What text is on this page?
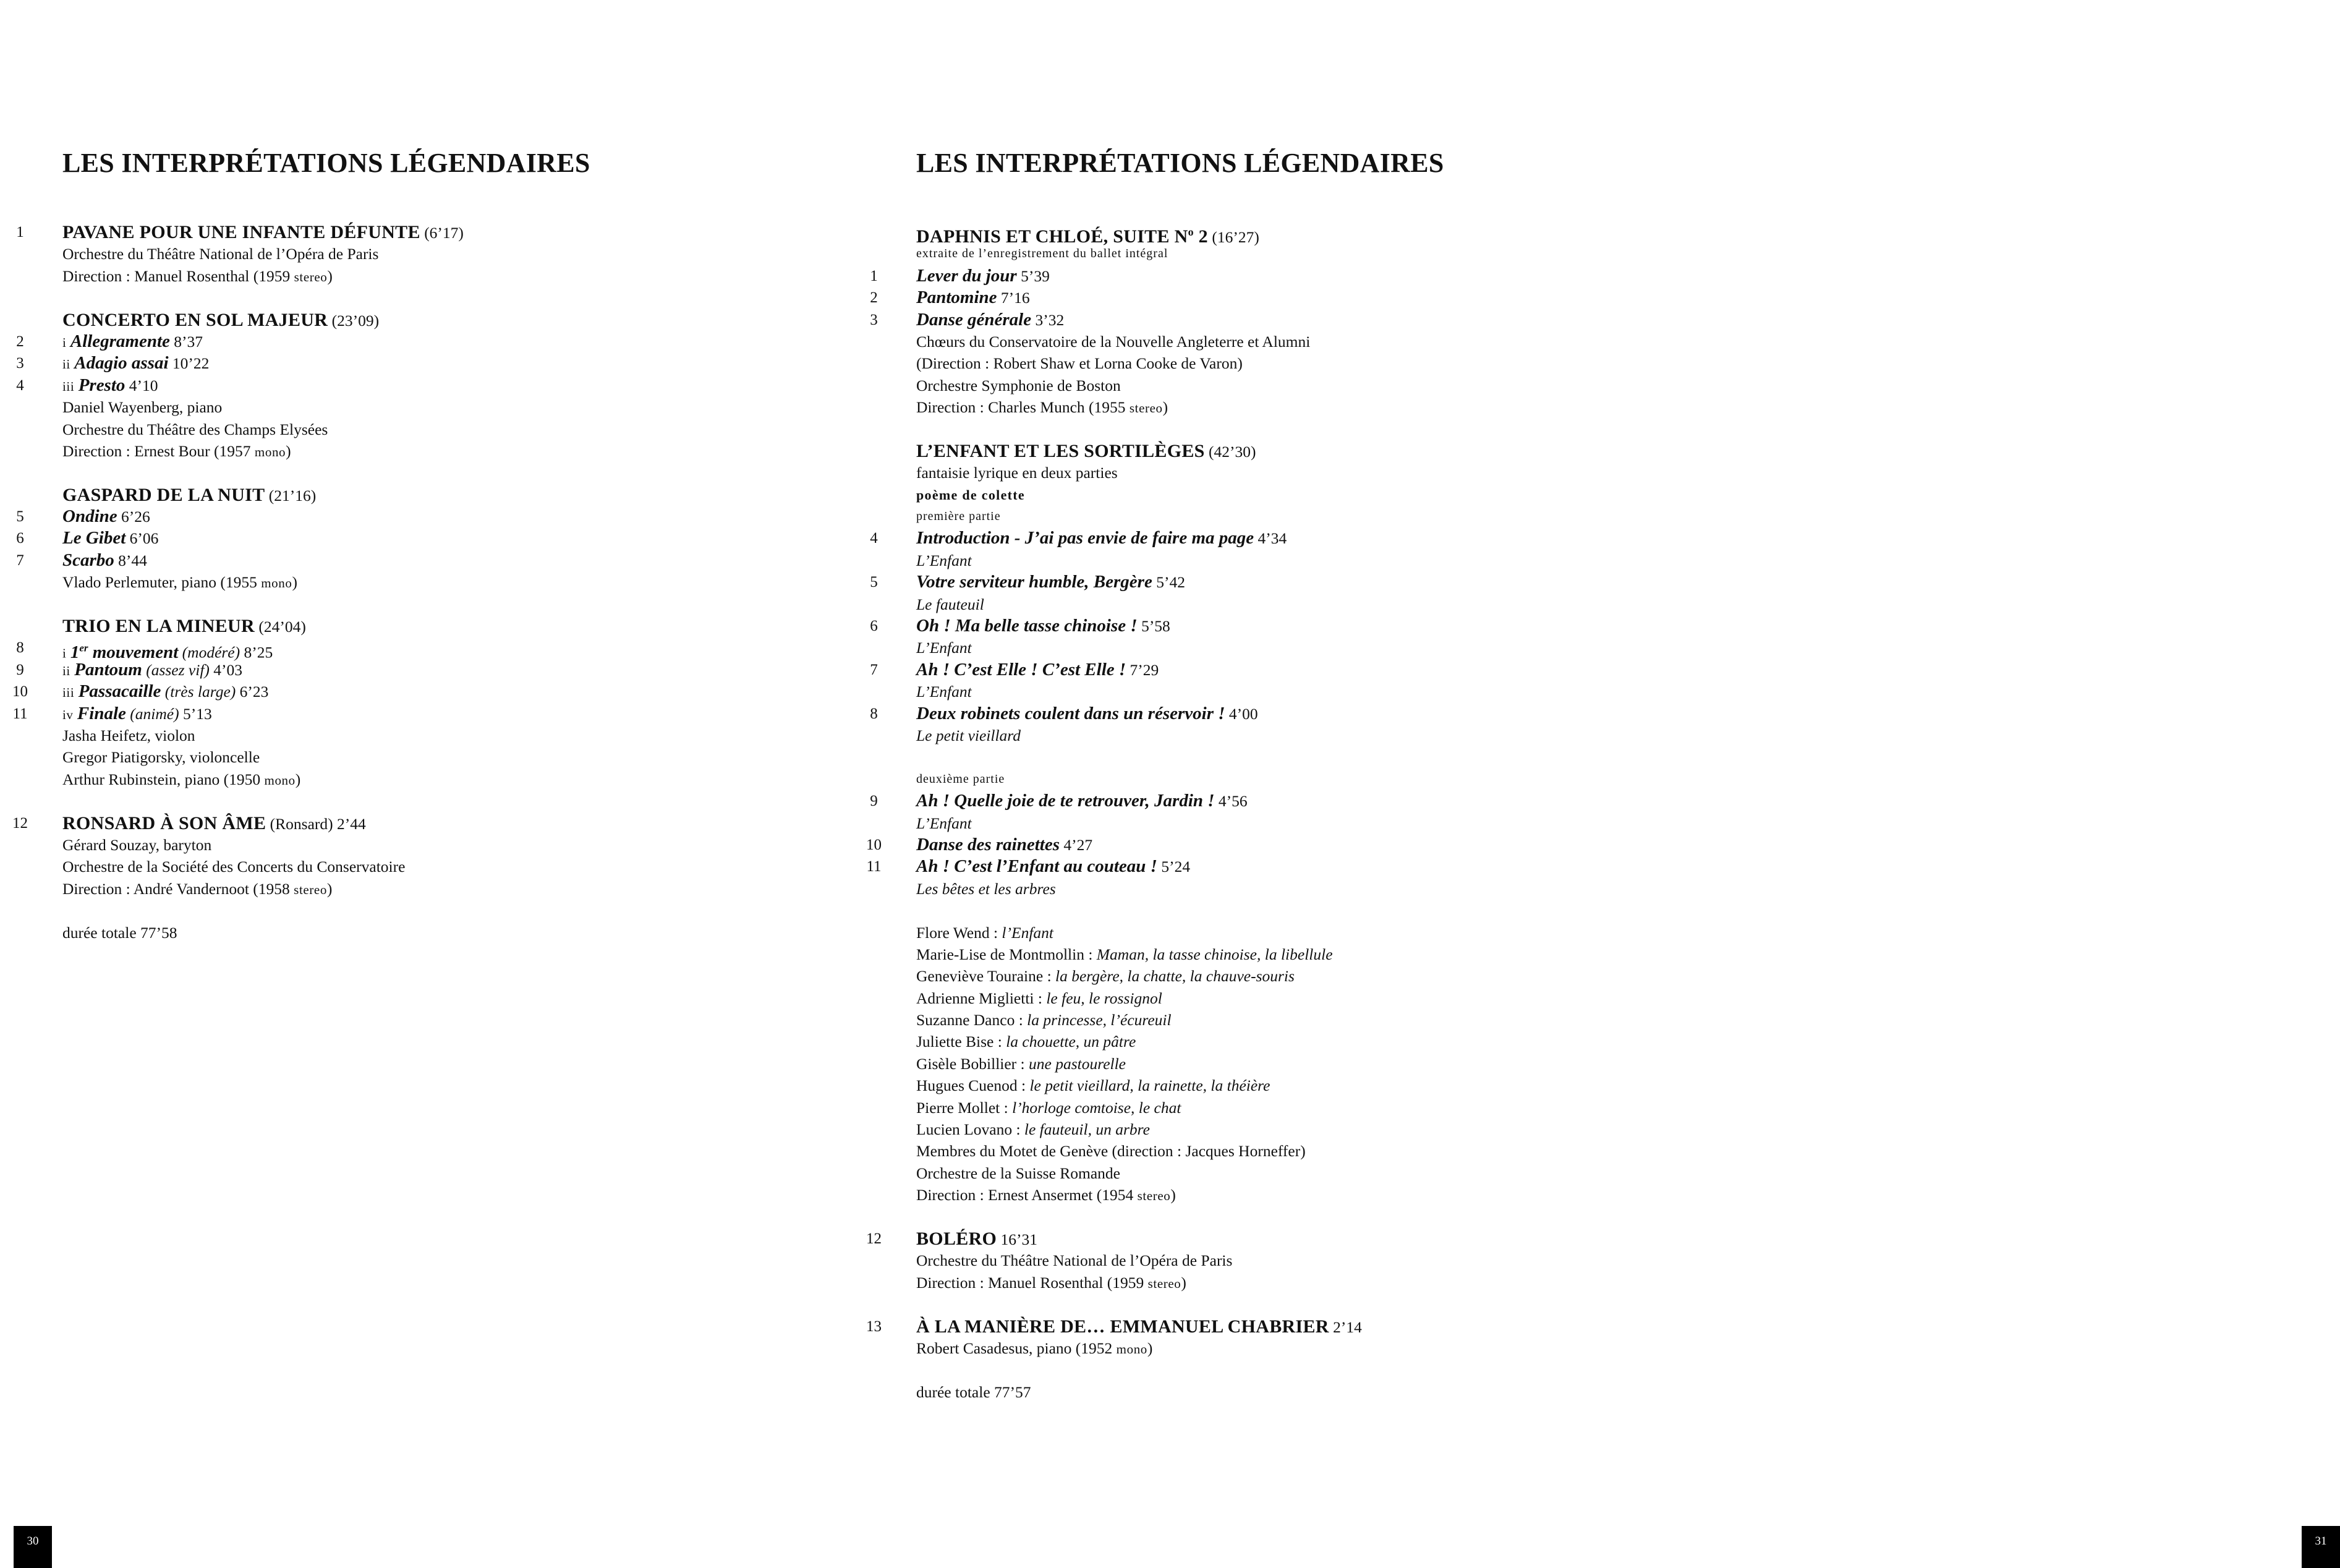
LES INTERPRÉTATIONS LÉGENDAIRES
1	PAVANE POUR UNE INFANTE DÉFUNTE (6’17)
Orchestre du Théâtre National de l’Opéra de Paris
Direction : Manuel Rosenthal (1959 stereo)
CONCERTO EN SOL MAJEUR (23’09)
2	i Allegramente 8’37
3	ii Adagio assai 10’22
4	iii Presto 4’10
Daniel Wayenberg, piano
Orchestre du Théâtre des Champs Elysées
Direction : Ernest Bour (1957 mono)
GASPARD DE LA NUIT (21’16)
5	Ondine 6’26
6	Le Gibet 6’06
7	Scarbo 8’44
Vlado Perlemuter, piano (1955 mono)
TRIO EN LA MINEUR (24’04)
8	i 1er mouvement (modéré) 8’25
9	ii Pantoum (assez vif) 4’03
10	iii Passacaille (très large) 6’23
11	iv Finale (animé) 5’13
Jasha Heifetz, violon
Gregor Piatigorsky, violoncelle
Arthur Rubinstein, piano (1950 mono)
12	RONSARD À SON ÂME (Ronsard) 2’44
Gérard Souzay, baryton
Orchestre de la Société des Concerts du Conservatoire
Direction : André Vandernoot (1958 stereo)
durée totale 77’58
30
LES INTERPRÉTATIONS LÉGENDAIRES
DAPHNIS ET CHLOÉ, SUITE $N^o$ 2 (16’27)
extraite de l’enregistrement du ballet intégral
1	Lever du jour 5’39
2	Pantomine 7’16
3	Danse générale 3’32
Chœurs du Conservatoire de la Nouvelle Angleterre et Alumni
(Direction : Robert Shaw et Lorna Cooke de Varon)
Orchestre Symphonie de Boston
Direction : Charles Munch (1955 stereo)
L’ENFANT ET LES SORTILÈGES (42’30)
fantaisie lyrique en deux parties
poème de colette
première partie
4	Introduction - J’ai pas envie de faire ma page 4’34
L’Enfant
5	Votre serviteur humble, Bergère 5’42
Le fauteuil
6	Oh ! Ma belle tasse chinoise ! 5’58
L’Enfant
7	Ah ! C’est Elle ! C’est Elle ! 7’29
L’Enfant
8	Deux robinets coulent dans un réservoir ! 4’00
Le petit vieillard
deuxième partie
9	Ah ! Quelle joie de te retrouver, Jardin ! 4’56
L’Enfant
10	Danse des rainettes 4’27
11	Ah ! C’est l’Enfant au couteau ! 5’24
Les bêtes et les arbres
Flore Wend : l’Enfant
Marie-Lise de Montmollin : Maman, la tasse chinoise, la libellule
Geneviève Touraine : la bergère, la chatte, la chauve-souris
Adrienne Miglietti : le feu, le rossignol
Suzanne Danco : la princesse, l’écureuil
Juliette Bise : la chouette, un pâtre
Gisèle Bobillier : une pastourelle
Hugues Cuenod : le petit vieillard, la rainette, la théière
Pierre Mollet : l’horloge comtoise, le chat
Lucien Lovano : le fauteuil, un arbre
Membres du Motet de Genève (direction : Jacques Horneffer)
Orchestre de la Suisse Romande
Direction : Ernest Ansermet (1954 stereo)
12	BOLÉRO 16’31
Orchestre du Théâtre National de l’Opéra de Paris
Direction : Manuel Rosenthal (1959 stereo)
13	À LA MANIÈRE DE… EMMANUEL CHABRIER 2’14
Robert Casadesus, piano (1952 mono)
durée totale 77’57
31
